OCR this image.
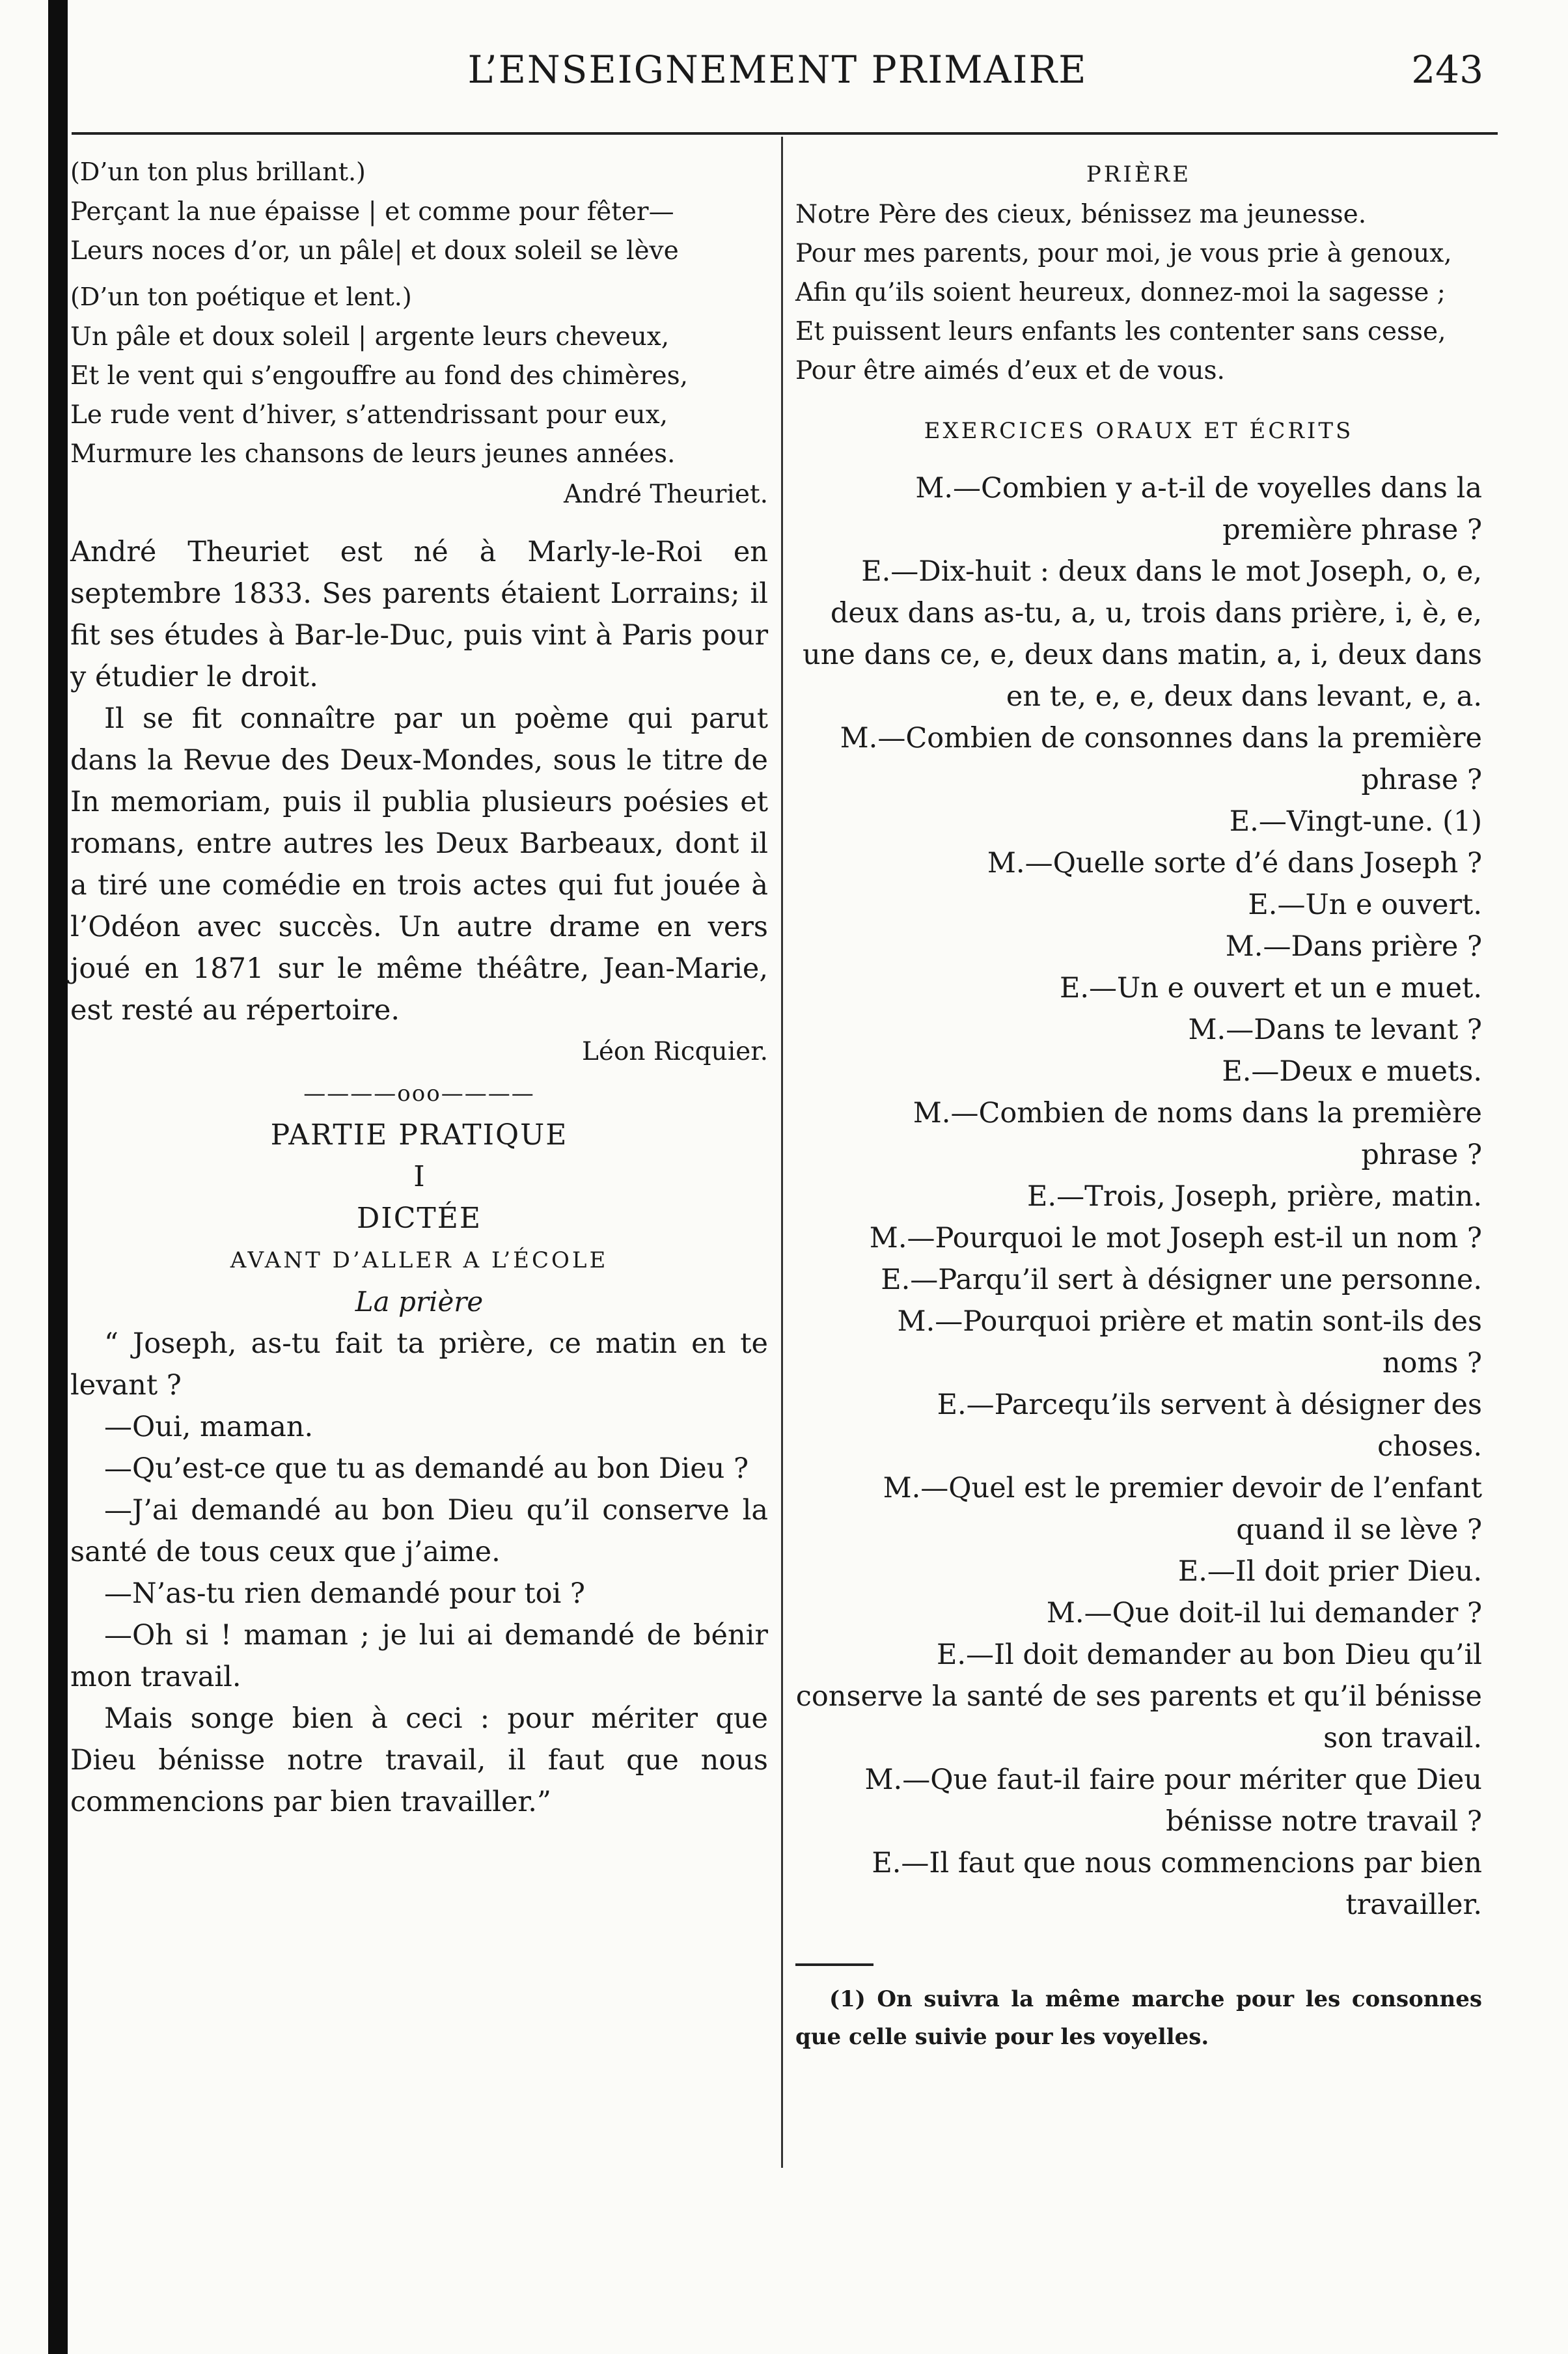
L’ENSEIGNEMENT PRIMAIRE	243

(D’un ton plus brillant.)

Perçant la nue épaisse | et comme pour fêter—

Leurs noces d’or, un pâle| et doux soleil se lève

(D’un ton poétique et lent.)

Un pâle et doux soleil | argente leurs cheveux,

Et le vent qui s’engouffre au fond des chimères,

Le rude vent d’hiver, s’attendrissant pour eux,

Murmure les chansons de leurs jeunes années.

André Theuriet.

André Theuriet est né à Marly-le-Roi en septembre 1833. Ses parents étaient Lorrains; il fit ses études à Bar-le-Duc, puis vint à Paris pour y étudier le droit.

Il se fit connaître par un poème qui parut dans la Revue des Deux-Mondes, sous le titre de In memoriam, puis il publia plusieurs poésies et romans, entre autres les Deux Barbeaux, dont il a tiré une comédie en trois actes qui fut jouée à l’Odéon avec succès. Un autre drame en vers joué en 1871 sur le même théâtre, Jean-Marie, est resté au répertoire.

Léon Ricquier.

————ooo————

PARTIE PRATIQUE

I

DICTÉE

AVANT D’ALLER A L’ÉCOLE

La prière

“ Joseph, as-tu fait ta prière, ce matin en te levant ?

—Oui, maman.

—Qu’est-ce que tu as demandé au bon Dieu ?

—J’ai demandé au bon Dieu qu’il conserve la santé de tous ceux que j’aime.

—N’as-tu rien demandé pour toi ?

—Oh si ! maman ; je lui ai demandé de bénir mon travail.

Mais songe bien à ceci : pour mériter que Dieu bénisse notre travail, il faut que nous commencions par bien travailler.”

PRIÈRE

Notre Père des cieux, bénissez ma jeunesse.

Pour mes parents, pour moi, je vous prie à genoux,

Afin qu’ils soient heureux, donnez-moi la sagesse ;

Et puissent leurs enfants les contenter sans cesse,

Pour être aimés d’eux et de vous.

EXERCICES ORAUX ET ÉCRITS

M.—Combien y a-t-il de voyelles dans la première phrase ?

E.—Dix-huit : deux dans le mot Joseph, o, e, deux dans as-tu, a, u, trois dans prière, i, è, e, une dans ce, e, deux dans matin, a, i, deux dans en te, e, e, deux dans levant, e, a.

M.—Combien de consonnes dans la première phrase ?

E.—Vingt-une. (1)

M.—Quelle sorte d’é dans Joseph ?

E.—Un e ouvert.

M.—Dans prière ?

E.—Un e ouvert et un e muet.

M.—Dans te levant ?

E.—Deux e muets.

M.—Combien de noms dans la première phrase ?

E.—Trois, Joseph, prière, matin.

M.—Pourquoi le mot Joseph est-il un nom ?

E.—Parqu’il sert à désigner une personne.

M.—Pourquoi prière et matin sont-ils des noms ?

E.—Parcequ’ils servent à désigner des choses.

M.—Quel est le premier devoir de l’enfant quand il se lève ?

E.—Il doit prier Dieu.

M.—Que doit-il lui demander ?

E.—Il doit demander au bon Dieu qu’il conserve la santé de ses parents et qu’il bénisse son travail.

M.—Que faut-il faire pour mériter que Dieu bénisse notre travail ?

E.—Il faut que nous commencions par bien travailler.

(1) On suivra la même marche pour les consonnes que celle suivie pour les voyelles.
